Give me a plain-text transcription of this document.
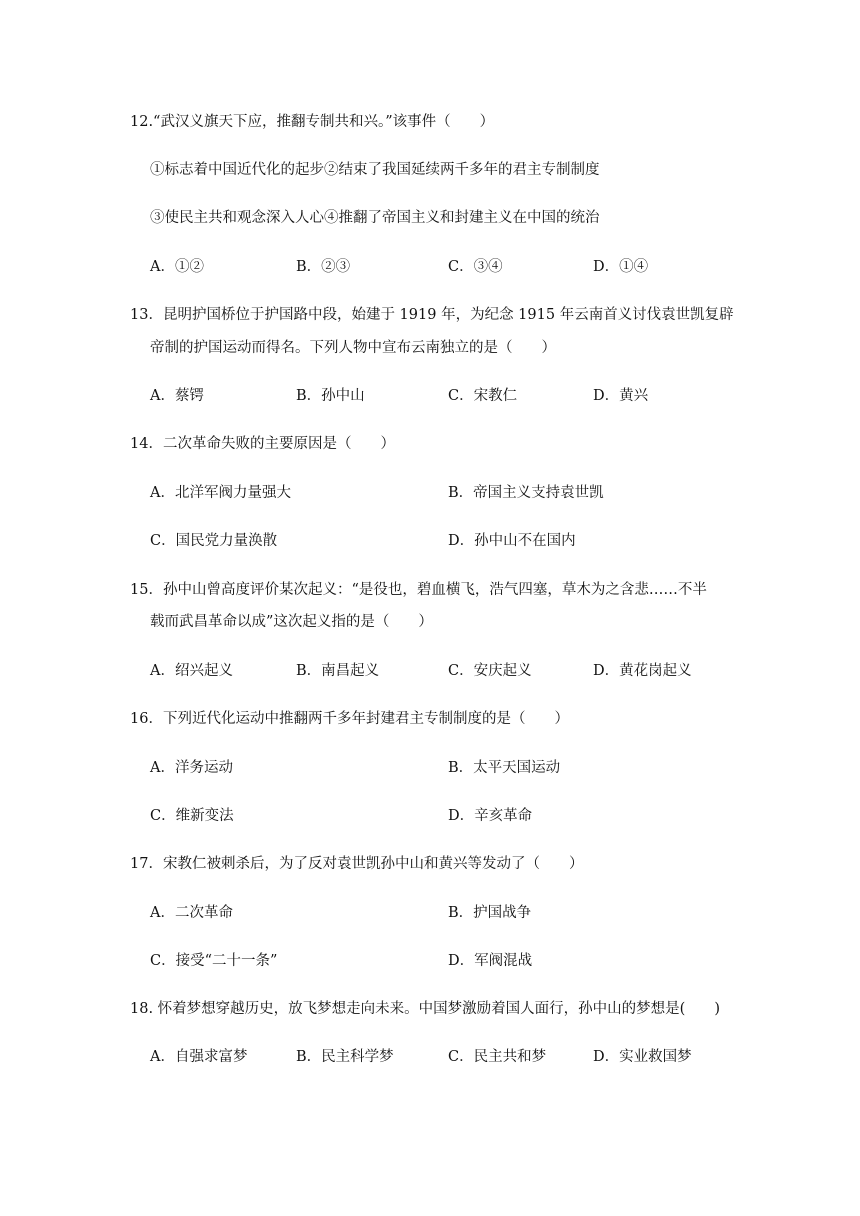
12.“武汉义旗天下应，推翻专制共和兴。”该事件（　　）
①标志着中国近代化的起步②结束了我国延续两千多年的君主专制制度
③使民主共和观念深入人心④推翻了帝国主义和封建主义在中国的统治
A．①②	B．②③	C．③④	D．①④
13．昆明护国桥位于护国路中段，始建于 1919 年，为纪念 1915 年云南首义讨伐袁世凯复辟
帝制的护国运动而得名。下列人物中宣布云南独立的是（　　）
A．蔡锷	B．孙中山	C．宋教仁	D．黄兴
14．二次革命失败的主要原因是（　　）
A．北洋军阀力量强大	B．帝国主义支持袁世凯
C．国民党力量涣散	D．孙中山不在国内
15．孙中山曾高度评价某次起义：“是役也，碧血横飞，浩气四塞，草木为之含悲……不半
载而武昌革命以成”这次起义指的是（　　）
A．绍兴起义	B．南昌起义	C．安庆起义	D．黄花岗起义
16．下列近代化运动中推翻两千多年封建君主专制制度的是（　　）
A．洋务运动	B．太平天国运动
C．维新变法	D．辛亥革命
17．宋教仁被刺杀后，为了反对袁世凯孙中山和黄兴等发动了（　　）
A．二次革命	B．护国战争
C．接受“二十一条”	D．军阀混战
18. 怀着梦想穿越历史，放飞梦想走向未来。中国梦激励着国人面行，孙中山的梦想是(　　)
A．自强求富梦	B．民主科学梦	C．民主共和梦	D．实业救国梦
